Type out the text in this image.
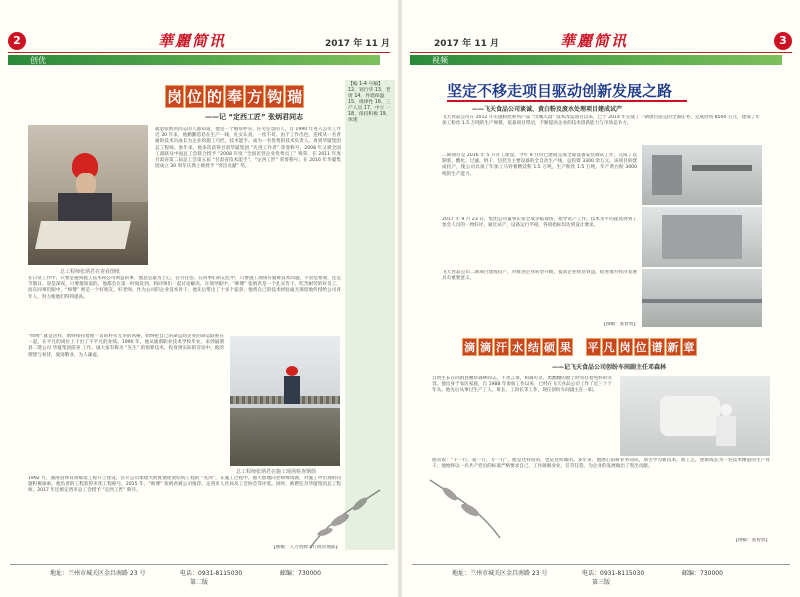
2	華麗简讯	2017 年 11 月
创优
岗 位 的 奉 方 钩 瑞
——记 “定西工匠” 张炳君同志
总工程师张炳君在查看图纸
就思张炳君同志的人都知道，他是一个憨厚朴实、任劳任怨的人，自 1990 年进入公司工作近 30 年来，他勤勤恳恳在生产一线，扎实认真，一丝不苟。由于工作出色，连续从一名普通的技术员成长为企业的施工巧匠，技术能手。成为一名优秀的技术负责人。再到华厦集团总工程师。参年来，他多次获得甘肃华厦集团 “先进工作者” 荣誉称号，2008 年又被全国工商联及中国总工会联合授予 “2008 年度 “全国民营企业优秀员工” 殊荣，在 2011 年度甘肃省第二届总工会第五届 “甘肃省技术能手”，“定西工匠” 荣誉称号；在 2016 年华厦集团成立 30 周年庆典上被授予 “突出贡献” 奖。
在日常工作中，只要是遇到施工技术和公司利益的事，他总是最为上心，任劳任怨。在同事们的记忆中，只要施工现场有疑难技术问题，不管是寒暑，还是节假日，说是深夜，只要他知道的，他都会在第一时间赶到，和同事们一起讨论解决。在领导眼中，“师傅” 张炳君是一个扎实肯干、吃苦耐劳的好员工，而在同事们眼中，“师傅” 则是一个好朋友，好老师。作为公司的企业技术骨干，他先后带出了十多个徒弟，他将自己的技术经验毫无保留地传授给公司青年人，努力使他们得到提高。
“师傅” 就是这样，始终保持着他一贯的朴实无华的风格，始终把自己的命运同企业的命运联系在一起，在平凡的岗位上干出了不平凡的业绩。1990 年，他从通渭职业技术学校毕业，来到通渭县二建公司 华厦集团前身 工作。诚大家有称为 “先生” 的预算技术，投身到实际的劳动中。他的理想与看待，爱岗敬业，为人谦虚。
总工程师张炳君在施工现场检查钢筋
1992 月，通渭县体育训练馆工程开工建设，宫开公司承建大跨度钢屋架结构工程的 “先河”。在施工过程中，他大胆地向老师傅请教，对施工中出现的问题积极探索。他负责的工程获得市优工程称号。2015 年，“师傅” 张炳君被公司推荐，定西市人社局及工会协会等评选。同时，被聘任为华厦集团总工程师，2017 年还被定西市总工会授予 “定西工匠” 称号。
【撰稿：人力资源与行政管理部】
【编 1-4 号稿】 12、划行华 13、老唐 14、外墙保温 15、规律性 16、三产人员 17、中立 一 18、保持积极 19、体建
地址：兰州市城关区金昌南路 23 号	电话：0931-8115030	邮编：730000
第二版
2017 年 11 月	華麗简讯	3
视频
坚定不移走项目驱动创新发展之路
——飞天食品公司谈诚、黄白粉及废水处理项目建成试产
飞天食品公司在 2012 年实施粉丝系列产品 “出城入园” 技术改造项目以来，已于 2014 年完成了一期项目前完的全部任务，完成投资 8500 万元，建成了年加工粉丝 1.5 万吨的生产规模。依靠项目带动，不断提高企业的技术创新能力与市场竞争力。
二期项目是 2016 年 5 月开工建设，今年 9 月份已建成完成全部设备安装调试工作，完成了以制浆、酸化、过滤、烘干、包装为主要设备的全自动生产线，总投资 3300 余万元。该项目的建成投产，使公司具备了年加工马铃薯精淀粉 1.5 万吨，生产粉丝 1.5 万吨，年产黄白粉 3000 吨的生产能力。
2017 年 9 月 23 日，集团公司董事长张全成亲临现场，指导试产工作。技术水平的提高得到了参会人员的一致好评。通过试产，设备运行平稳，各项指标均达到设计要求。
飞天食品公司二期项目建成投产，对推进企业转型升级，提高企业经济效益，促进地方经济发展具有重要意义。
【撰稿：张智勇】
滴 滴 汗 水 结 硕 果 平 凡 岗 位 谱 新 章
——记飞天食品公司创纷车间副主任邓森林
自幼生长在同渭县腰岸森林同志，不善言谈，和蔼可亲，黑黝黝的脸上时常挂着纯朴的笑容。他出身于农民家庭，自 1988 年参加工作以来，已经在飞天食品公司工作了近三十个年头。他先后从事过生产工人、班长、工段长等工作，现任创纷车间副主任一职。
他常说：“干一行，爱一行，专一行”，他是这样说的，也是这样做的。多年来，他潜心钻研业务知识，刻苦学习新技术、新工艺，逐渐成长为一名技术精湛的生产骨干。他始终以一名共产党员的标准严格要求自己，工作兢兢业业，任劳任怨，为企业的发展做出了突出贡献。
【撰稿：张智勇】
地址：兰州市城关区金昌南路 23 号	电话：0931-8115030	邮编：730000
第三版
